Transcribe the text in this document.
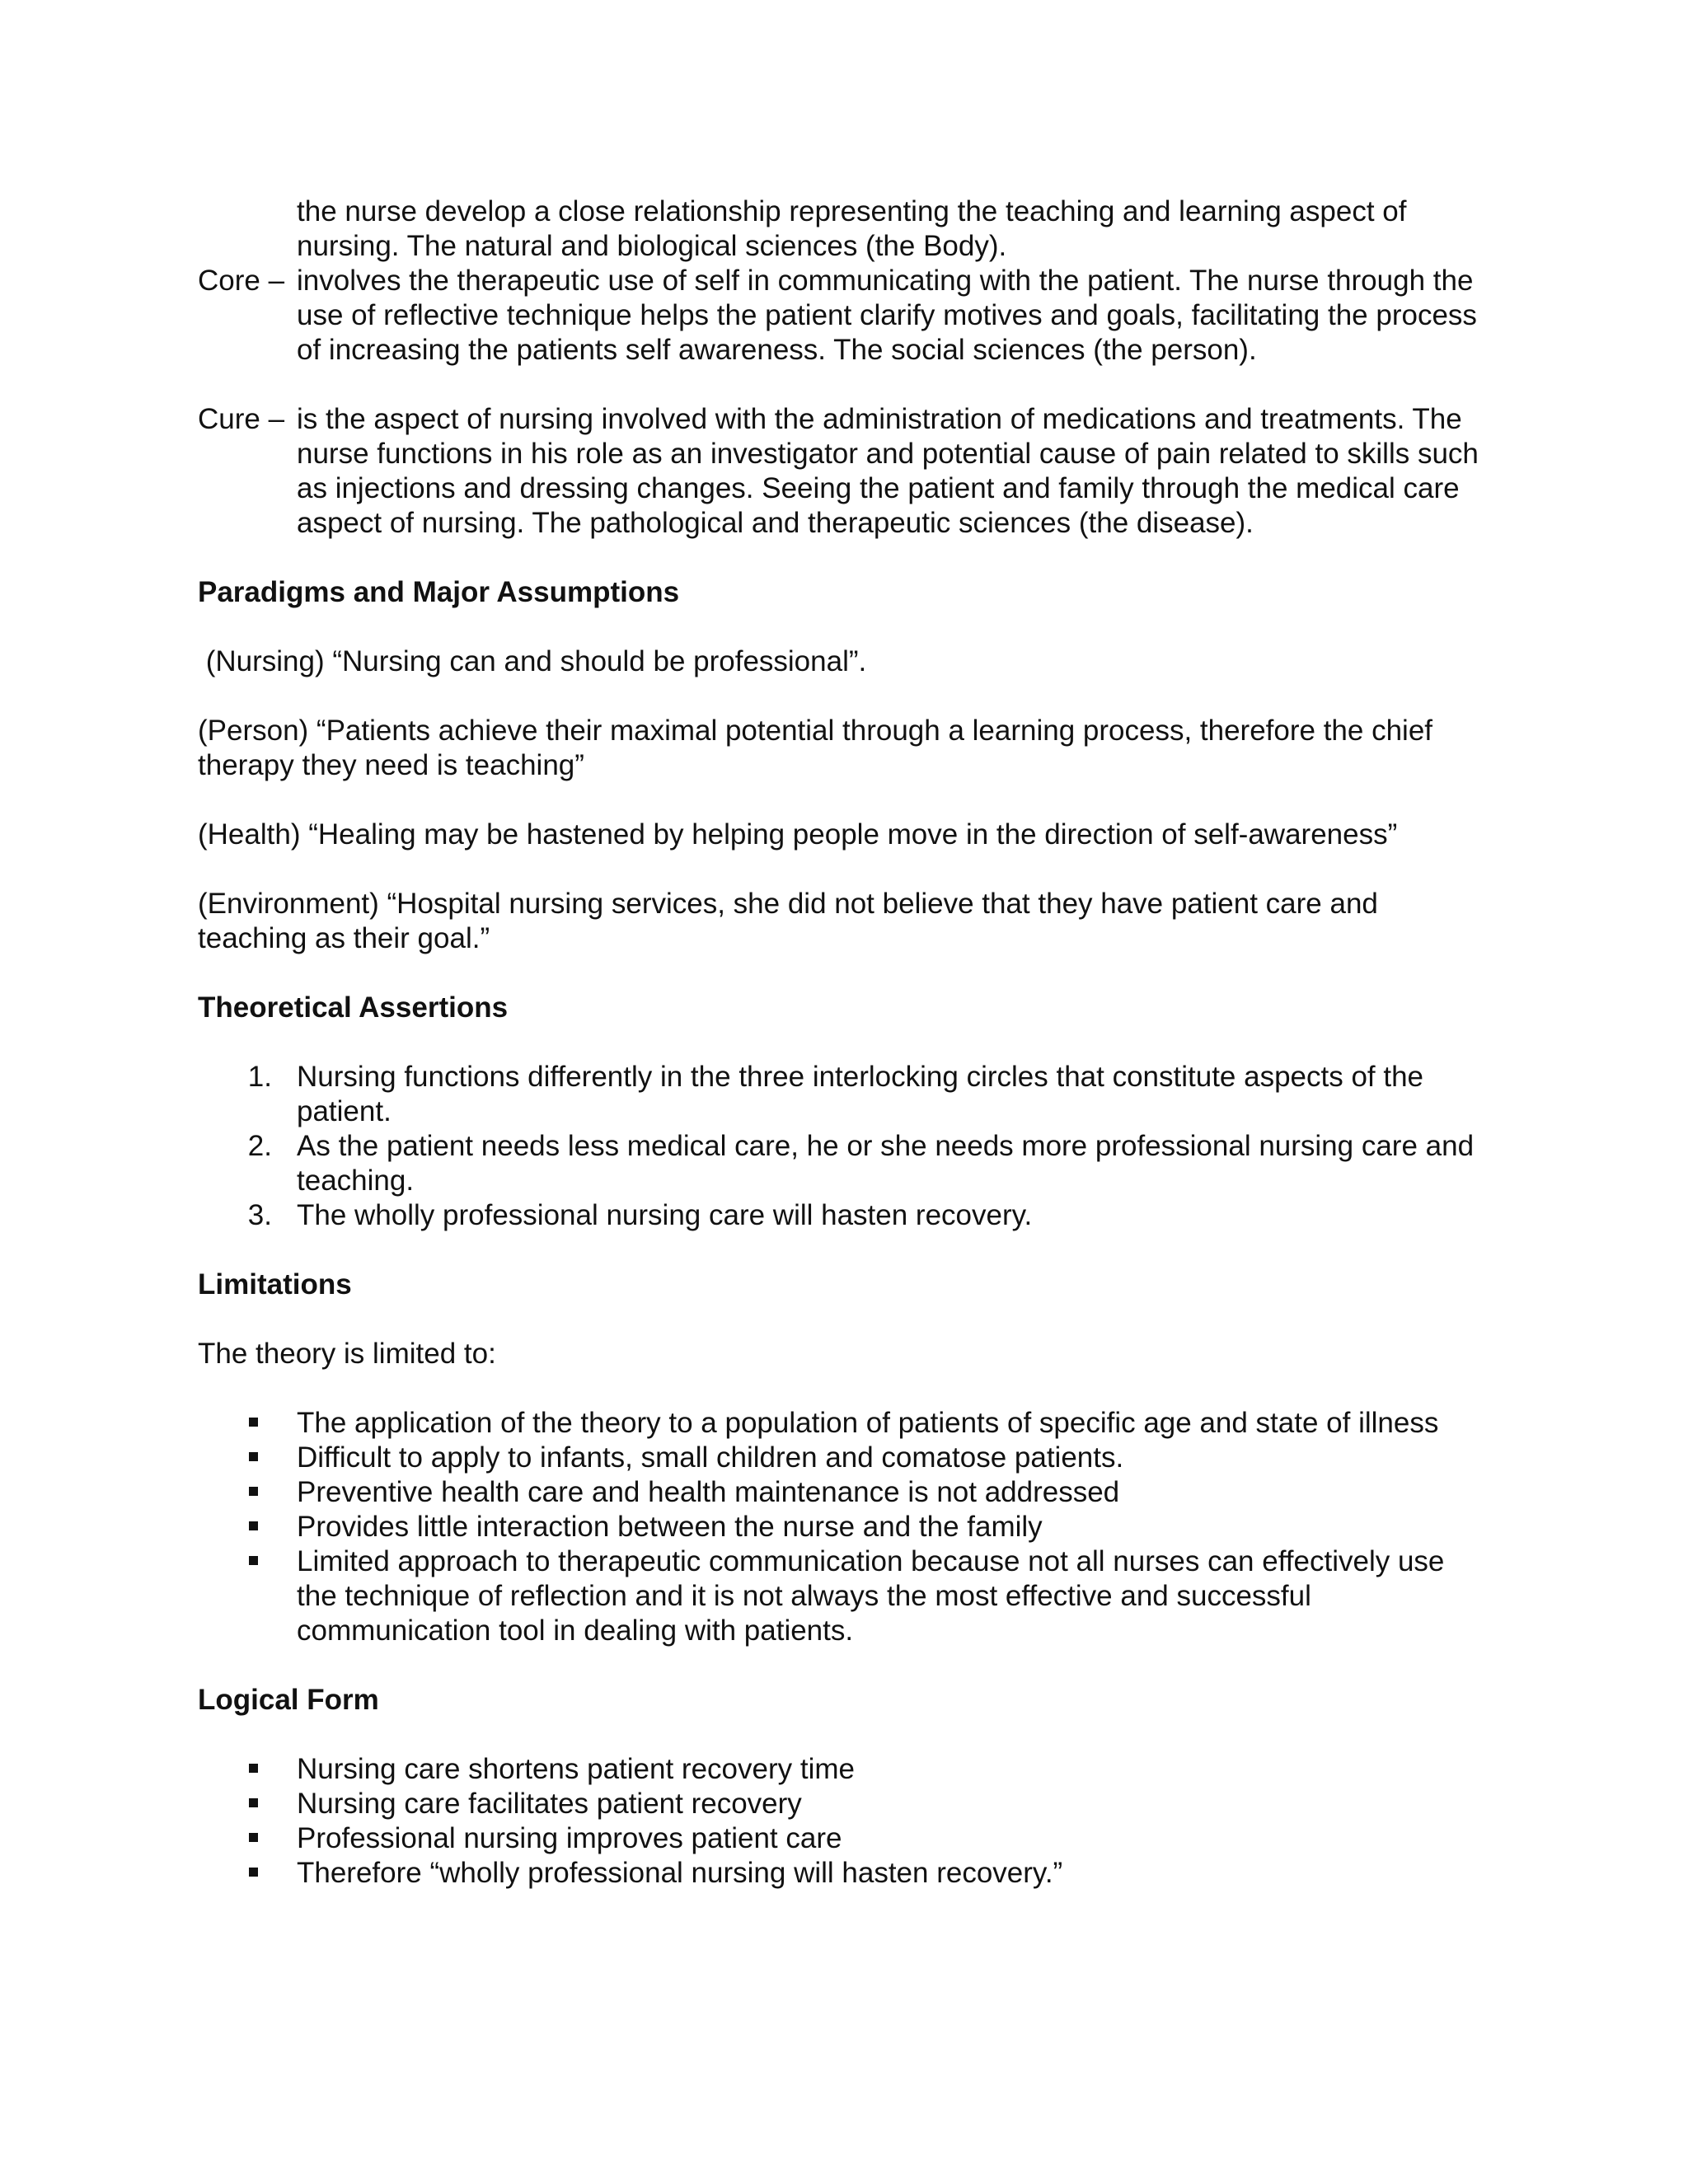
the nurse develop a close relationship representing the teaching and learning aspect of nursing. The natural and biological sciences (the Body).

Core – involves the therapeutic use of self in communicating with the patient. The nurse through the use of reflective technique helps the patient clarify motives and goals, facilitating the process of increasing the patients self awareness. The social sciences (the person).
Cure – is the aspect of nursing involved with the administration of medications and treatments. The nurse functions in his role as an investigator and potential cause of pain related to skills such as injections and dressing changes. Seeing the patient and family through the medical care aspect of nursing. The pathological and therapeutic sciences (the disease).
Paradigms and Major Assumptions

(Nursing) “Nursing can and should be professional”.

(Person) “Patients achieve their maximal potential through a learning process, therefore the chief therapy they need is teaching”

(Health) “Healing may be hastened by helping people move in the direction of self-awareness”

(Environment) “Hospital nursing services, she did not believe that they have patient care and teaching as their goal.”

Theoretical Assertions
1. Nursing functions differently in the three interlocking circles that constitute aspects of the patient.
2. As the patient needs less medical care, he or she needs more professional nursing care and teaching.
3. The wholly professional nursing care will hasten recovery.
Limitations

The theory is limited to:

The application of the theory to a population of patients of specific age and state of illness
Difficult to apply to infants, small children and comatose patients.
Preventive health care and health maintenance is not addressed
Provides little interaction between the nurse and the family
Limited approach to therapeutic communication because not all nurses can effectively use the technique of reflection and it is not always the most effective and successful communication tool in dealing with patients.
Logical Form
Nursing care shortens patient recovery time
Nursing care facilitates patient recovery
Professional nursing improves patient care
Therefore “wholly professional nursing will hasten recovery.”
